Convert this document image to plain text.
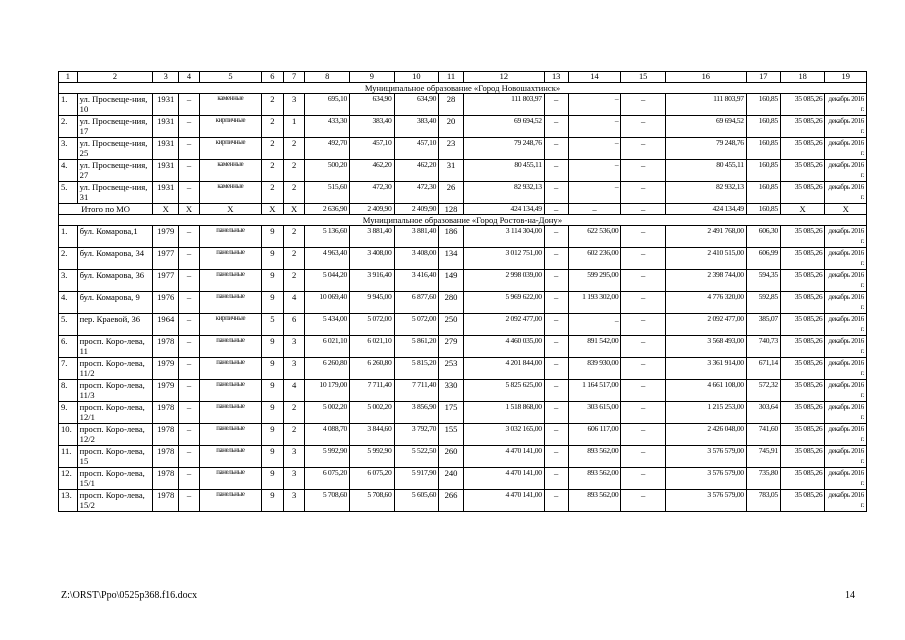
1	2	3	4	5	6	7	8	9	10	11	12	13	14	15	16	17	18	19
Муниципальное образование «Город Новошахтинск»																		
1.	ул. Просвеще-ния, 10	1931	–	каменные	2	3	695,10	634,90	634,90	28	111 803,97	–	–	–	111 803,97	160,85	35 085,26	декабрь 2016 г.
2.	ул. Просвеще-ния, 17	1931	–	кирпичные	2	1	433,30	383,40	383,40	20	69 694,52	–	–	–	69 694,52	160,85	35 085,26	декабрь 2016 г.
3.	ул. Просвеще-ния, 25	1931	–	кирпичные	2	2	492,70	457,10	457,10	23	79 248,76	–	–	–	79 248,76	160,85	35 085,26	декабрь 2016 г.
4.	ул. Просвеще-ния, 27	1931	–	каменные	2	2	500,20	462,20	462,20	31	80 455,11	–	–	–	80 455,11	160,85	35 085,26	декабрь 2016 г.
5.	ул. Просвеще-ния, 31	1931	–	каменные	2	2	515,60	472,30	472,30	26	82 932,13	–	–	–	82 932,13	160,85	35 085,26	декабрь 2016 г.
Итого по МО		X	X	X	X	X	2 636,90	2 409,90	2 409,90	128	424 134,49	–	–	–	424 134,49	160,85	X	X
Муниципальное образование «Город Ростов-на-Дону»																		
1.	бул. Комарова,1	1979	–	панельные	9	2	5 136,60	3 881,40	3 881,40	186	3 114 304,00	–	622 536,00	–	2 491 768,00	606,30	35 085,26	декабрь 2016 г.
2.	бул. Комарова, 34	1977	–	панельные	9	2	4 963,40	3 408,00	3 408,00	134	3 012 751,00	–	602 236,00	–	2 410 515,00	606,99	35 085,26	декабрь 2016 г.
3.	бул. Комарова, 36	1977	–	панельные	9	2	5 044,20	3 916,40	3 416,40	149	2 998 039,00	–	599 295,00	–	2 398 744,00	594,35	35 085,26	декабрь 2016 г.
4.	бул. Комарова, 9	1976	–	панельные	9	4	10 069,40	9 945,00	6 877,60	280	5 969 622,00	–	1 193 302,00	–	4 776 320,00	592,85	35 085,26	декабрь 2016 г.
5.	пер. Краевой, 36	1964	–	кирпичные	5	6	5 434,00	5 072,00	5 072,00	250	2 092 477,00	–	_	–	2 092 477,00	385,07	35 085,26	декабрь 2016 г.
6.	просп. Коро-лева, 11	1978	–	панельные	9	3	6 021,10	6 021,10	5 861,20	279	4 460 035,00	–	891 542,00	–	3 568 493,00	740,73	35 085,26	декабрь 2016 г.
7.	просп. Коро-лева, 11/2	1979	–	панельные	9	3	6 260,80	6 260,80	5 815,20	253	4 201 844,00	–	839 930,00	–	3 361 914,00	671,14	35 085,26	декабрь 2016 г.
8.	просп. Коро-лева, 11/3	1979	–	панельные	9	4	10 179,00	7 711,40	7 711,40	330	5 825 625,00	–	1 164 517,00	–	4 661 108,00	572,32	35 085,26	декабрь 2016 г.
9.	просп. Коро-лева, 12/1	1978	–	панельные	9	2	5 002,20	5 002,20	3 856,90	175	1 518 868,00	–	303 615,00	–	1 215 253,00	303,64	35 085,26	декабрь 2016 г.
10.	просп. Коро-лева, 12/2	1978	–	панельные	9	2	4 088,70	3 844,60	3 792,70	155	3 032 165,00	–	606 117,00	–	2 426 048,00	741,60	35 085,26	декабрь 2016 г.
11.	просп. Коро-лева, 15	1978	–	панельные	9	3	5 992,90	5 992,90	5 522,50	260	4 470 141,00	–	893 562,00	–	3 576 579,00	745,91	35 085,26	декабрь 2016 г.
12.	просп. Коро-лева, 15/1	1978	–	панельные	9	3	6 075,20	6 075,20	5 917,90	240	4 470 141,00	–	893 562,00	–	3 576 579,00	735,80	35 085,26	декабрь 2016 г.
13.	просп. Коро-лева, 15/2	1978	–	панельные	9	3	5 708,60	5 708,60	5 605,60	266	4 470 141,00	–	893 562,00	–	3 576 579,00	783,05	35 085,26	декабрь 2016 г.
Z:\ORST\Ppo\0525p368.f16.docx	14
